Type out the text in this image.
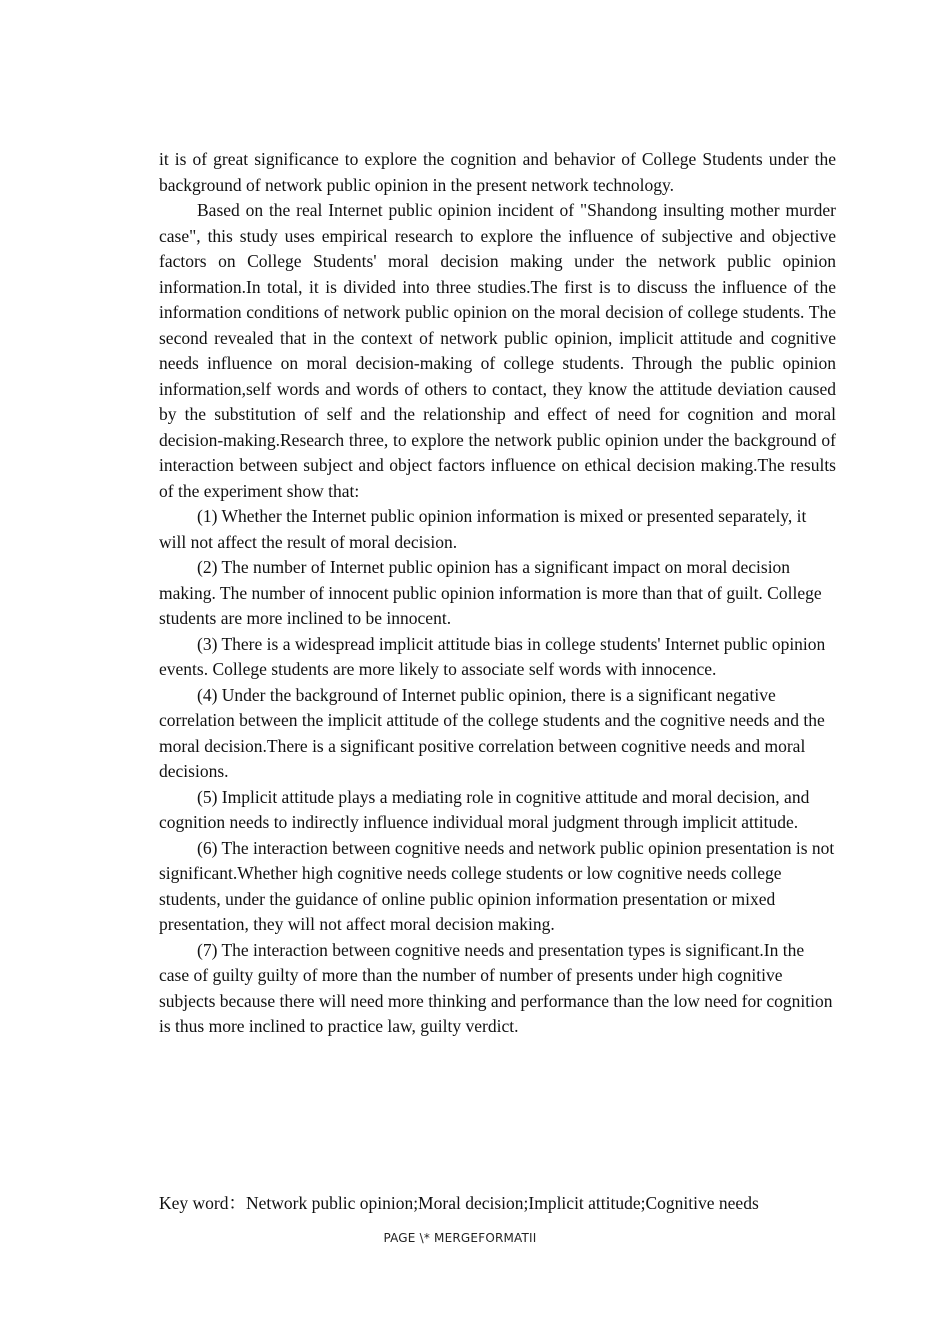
it is of great significance to explore the cognition and behavior of College Students under the background of network public opinion in the present network technology.

Based on the real Internet public opinion incident of "Shandong insulting mother murder case", this study uses empirical research to explore the influence of subjective and objective factors on College Students' moral decision making under the network public opinion information.In total, it is divided into three studies.The first is to discuss the influence of the information conditions of network public opinion on the moral decision of college students. The second revealed that in the context of network public opinion, implicit attitude and cognitive needs influence on moral decision-making of college students. Through the public opinion information,self words and words of others to contact, they know the attitude deviation caused by the substitution of self and the relationship and effect of need for cognition and moral decision-making.Research three, to explore the network public opinion under the background of interaction between subject and object factors influence on ethical decision making.The results of the experiment show that:

(1) Whether the Internet public opinion information is mixed or presented separately, it will not affect the result of moral decision.

(2) The number of Internet public opinion has a significant impact on moral decision making. The number of innocent public opinion information is more than that of guilt. College students are more inclined to be innocent.

(3) There is a widespread implicit attitude bias in college students' Internet public opinion events. College students are more likely to associate self words with innocence.

(4) Under the background of Internet public opinion, there is a significant negative correlation between the implicit attitude of the college students and the cognitive needs and the moral decision.There is a significant positive correlation between cognitive needs and moral decisions.

(5) Implicit attitude plays a mediating role in cognitive attitude and moral decision, and cognition needs to indirectly influence individual moral judgment through implicit attitude.

(6) The interaction between cognitive needs and network public opinion presentation is not significant.Whether high cognitive needs college students or low cognitive needs college students, under the guidance of online public opinion information presentation or mixed presentation, they will not affect moral decision making.

(7) The interaction between cognitive needs and presentation types is significant.In the case of guilty guilty of more than the number of number of presents under high cognitive subjects because there will need more thinking and performance than the low need for cognition is thus more inclined to practice law, guilty verdict.

Key word：Network public opinion;Moral decision;Implicit attitude;Cognitive needs
PAGE \* MERGEFORMATII
